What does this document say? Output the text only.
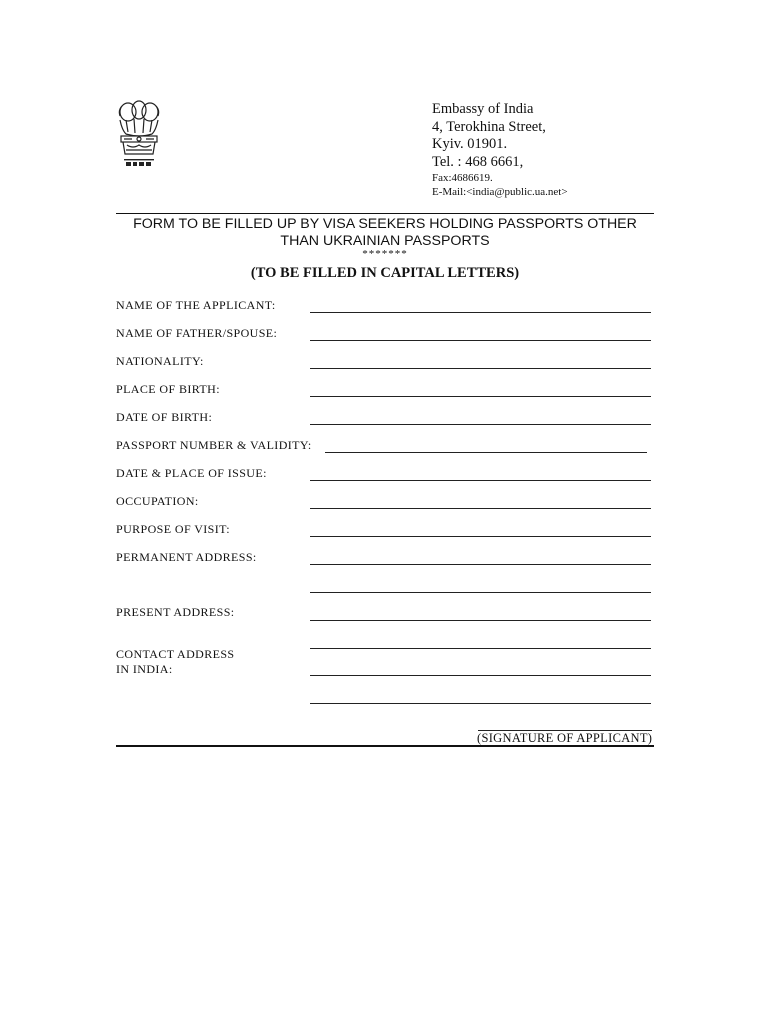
Embassy of India
4, Terokhina Street,
Kyiv. 01901.
Tel. : 468 6661,
Fax:4686619.
E-Mail:<india@public.ua.net>
FORM TO BE FILLED UP BY VISA SEEKERS HOLDING PASSPORTS OTHER
THAN UKRAINIAN PASSPORTS
*******
(TO BE FILLED IN CAPITAL LETTERS)
NAME OF THE APPLICANT:
NAME OF FATHER/SPOUSE:
NATIONALITY:
PLACE OF BIRTH:
DATE OF BIRTH:
PASSPORT NUMBER & VALIDITY:
DATE & PLACE OF ISSUE:
OCCUPATION:
PURPOSE OF VISIT:
PERMANENT ADDRESS:
PRESENT ADDRESS:
CONTACT ADDRESS
IN INDIA:
(SIGNATURE OF APPLICANT)
